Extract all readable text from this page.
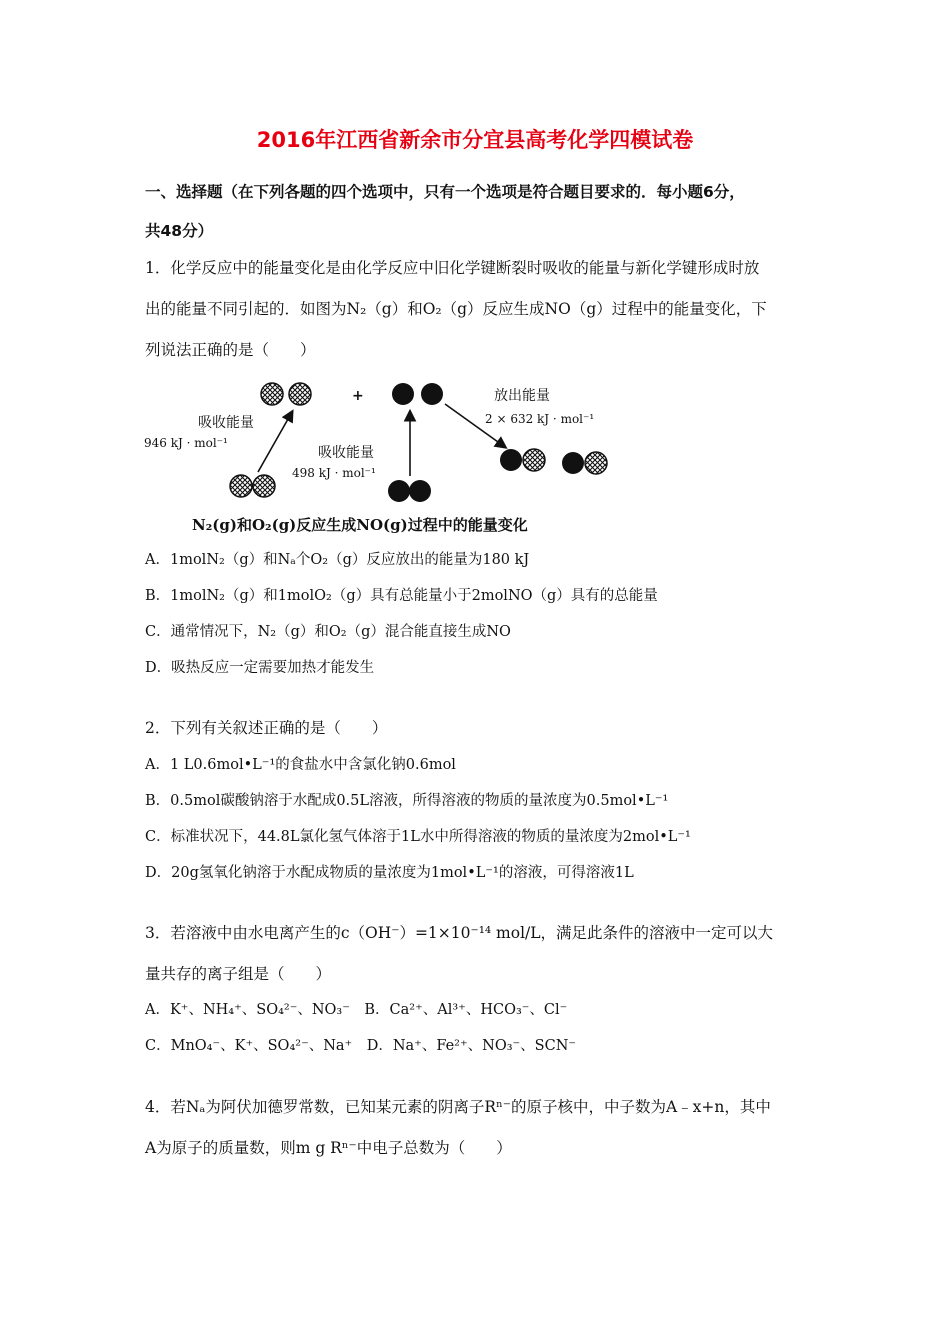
2016年江西省新余市分宜县高考化学四模试卷
一、选择题（在下列各题的四个选项中，只有一个选项是符合题目要求的．每小题6分，
共48分）
1．化学反应中的能量变化是由化学反应中旧化学键断裂时吸收的能量与新化学键形成时放
出的能量不同引起的．如图为N₂（g）和O₂（g）反应生成NO（g）过程中的能量变化，下
列说法正确的是（　　）
+
吸收能量
946 kJ · mol⁻¹
吸收能量
498 kJ · mol⁻¹
放出能量
2 × 632 kJ · mol⁻¹
N₂(g)和O₂(g)反应生成NO(g)过程中的能量变化
A．1molN₂（g）和Nₐ个O₂（g）反应放出的能量为180 kJ
B．1molN₂（g）和1molO₂（g）具有总能量小于2molNO（g）具有的总能量
C．通常情况下，N₂（g）和O₂（g）混合能直接生成NO
D．吸热反应一定需要加热才能发生
2．下列有关叙述正确的是（　　）
A．1 L0.6mol•L⁻¹的食盐水中含氯化钠0.6mol
B．0.5mol碳酸钠溶于水配成0.5L溶液，所得溶液的物质的量浓度为0.5mol•L⁻¹
C．标准状况下，44.8L氯化氢气体溶于1L水中所得溶液的物质的量浓度为2mol•L⁻¹
D．20g氢氧化钠溶于水配成物质的量浓度为1mol•L⁻¹的溶液，可得溶液1L
3．若溶液中由水电离产生的c（OH⁻）=1×10⁻¹⁴ mol/L，满足此条件的溶液中一定可以大
量共存的离子组是（　　）
A．K⁺、NH₄⁺、SO₄²⁻、NO₃⁻　B．Ca²⁺、Al³⁺、HCO₃⁻、Cl⁻
C．MnO₄⁻、K⁺、SO₄²⁻、Na⁺　D．Na⁺、Fe²⁺、NO₃⁻、SCN⁻
4．若Nₐ为阿伏加德罗常数，已知某元素的阴离子Rⁿ⁻的原子核中，中子数为A﹣x+n，其中
A为原子的质量数，则m g Rⁿ⁻中电子总数为（　　）
